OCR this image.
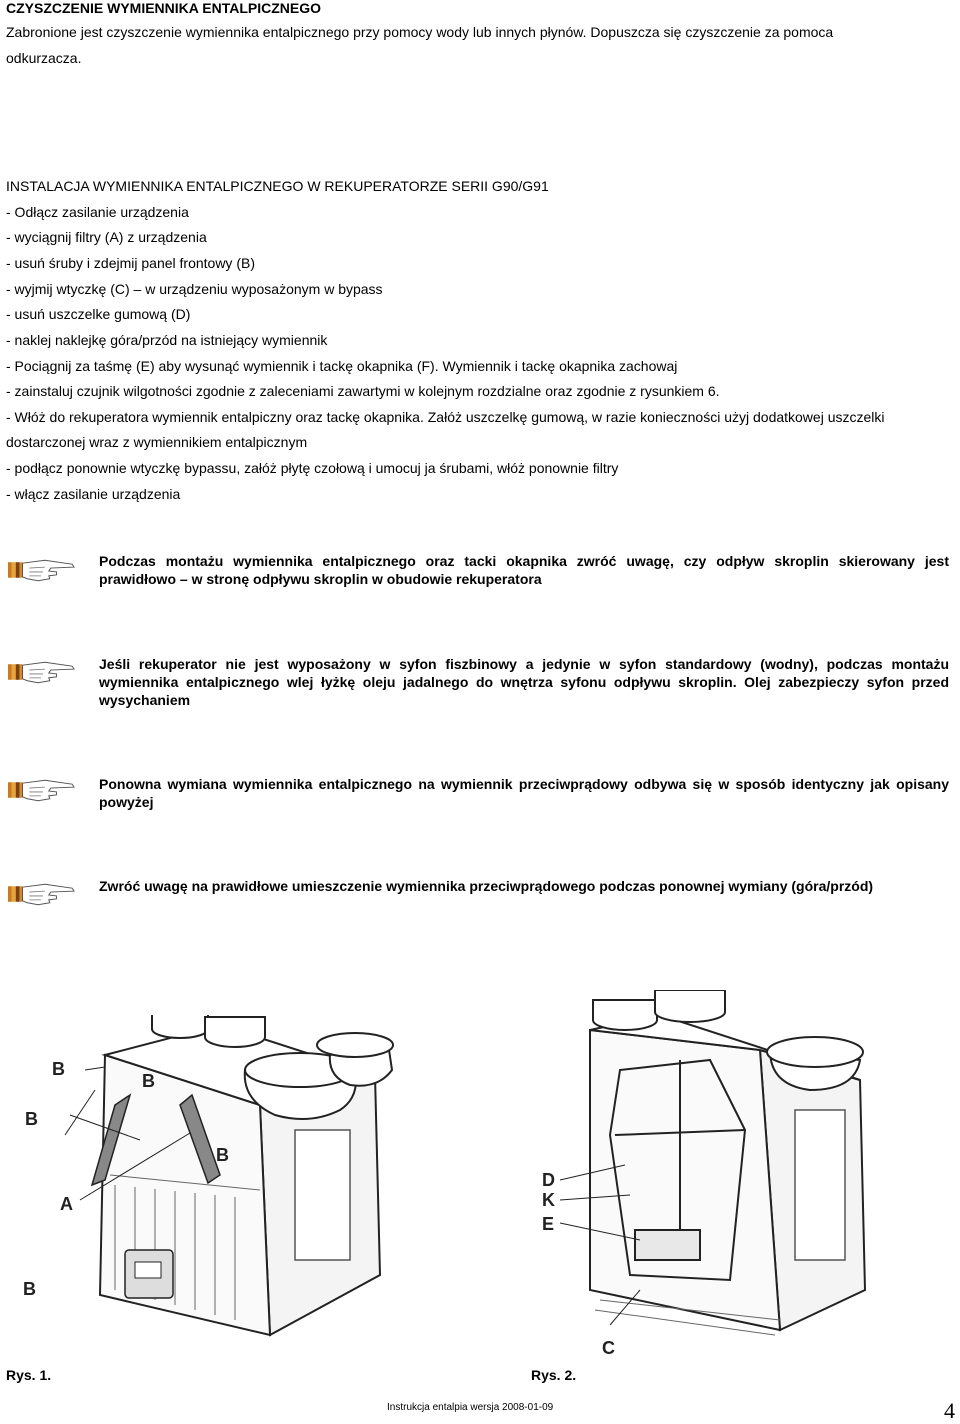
CZYSZCZENIE WYMIENNIKA ENTALPICZNEGO
Zabronione jest czyszczenie wymiennika entalpicznego przy pomocy wody lub innych płynów. Dopuszcza się czyszczenie za pomoca
odkurzacza.
INSTALACJA WYMIENNIKA ENTALPICZNEGO W REKUPERATORZE SERII G90/G91
- Odłącz zasilanie urządzenia
- wyciągnij filtry (A) z urządzenia
- usuń śruby i zdejmij panel frontowy (B)
- wyjmij wtyczkę (C) – w urządzeniu wyposażonym w bypass
- usuń uszczelke gumową (D)
- naklej naklejkę góra/przód na istniejący wymiennik
- Pociągnij za taśmę (E) aby wysunąć wymiennik i tackę okapnika (F). Wymiennik i tackę okapnika zachowaj
- zainstaluj czujnik wilgotności zgodnie z zaleceniami zawartymi w kolejnym rozdzialne oraz zgodnie z rysunkiem 6.
- Włóż do rekuperatora wymiennik entalpiczny oraz tackę okapnika. Załóż uszczelkę gumową, w razie konieczności użyj dodatkowej uszczelki
dostarczonej wraz z wymiennikiem entalpicznym
- podłącz ponownie wtyczkę bypassu, załóż płytę czołową i umocuj ja śrubami, włóż ponownie filtry
- włącz zasilanie urządzenia
Podczas montażu wymiennika entalpicznego oraz tacki okapnika zwróć uwagę, czy odpływ skroplin skierowany jest prawidłowo – w stronę odpływu skroplin w obudowie rekuperatora
Jeśli rekuperator nie jest wyposażony w syfon fiszbinowy a jedynie w syfon standardowy (wodny), podczas montażu wymiennika entalpicznego wlej łyżkę oleju jadalnego do wnętrza syfonu odpływu skroplin. Olej zabezpieczy syfon przed wysychaniem
Ponowna wymiana wymiennika entalpicznego na wymiennik przeciwprądowy odbywa się w sposób identyczny jak opisany powyżej
Zwróć uwagę na prawidłowe umieszczenie wymiennika przeciwprądowego podczas ponownej wymiany (góra/przód)
B
B
B
B
B
A
D
K
E
C
Rys. 1.	Rys. 2.
Instrukcja entalpia wersja 2008-01-09	4
